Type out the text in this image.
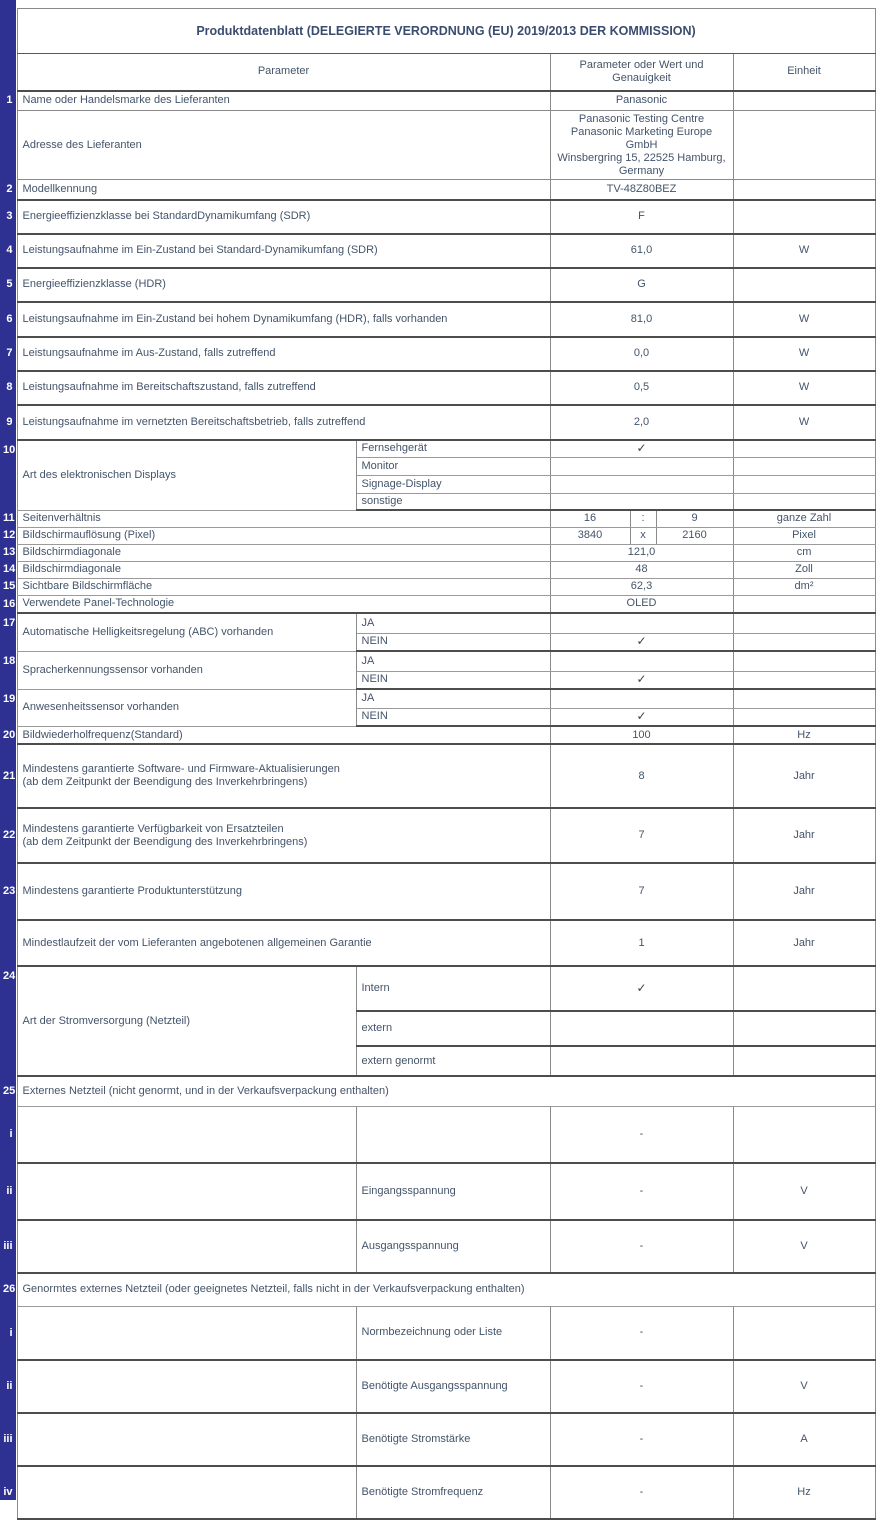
	Produktdatenblatt (DELEGIERTE VERORDNUNG (EU) 2019/2013 DER KOMMISSION)					
	Parameter		Parameter oder Wert und Genauigkeit			Einheit
1	Name oder Handelsmarke des Lieferanten		Panasonic			
	Adresse des Lieferanten		Panasonic Testing Centre
Panasonic Marketing Europe GmbH
Winsbergring 15, 22525 Hamburg,
Germany			

2	Modellkennung		TV-48Z80BEZ			
3	Energieeffizienzklasse bei StandardDynamikumfang (SDR)		F			
4	Leistungsaufnahme im Ein-Zustand bei Standard-Dynamikumfang (SDR)		61,0			W
5	Energieeffizienzklasse (HDR)		G			
6	Leistungsaufnahme im Ein-Zustand bei hohem Dynamikumfang (HDR), falls vorhanden		81,0			W
7	Leistungsaufnahme im Aus-Zustand, falls zutreffend		0,0			W
8	Leistungsaufnahme im Bereitschaftszustand, falls zutreffend		0,5			W
9	Leistungsaufnahme im vernetzten Bereitschaftsbetrieb, falls zutreffend		2,0			W
10	Art des elektronischen Displays	Fernsehgerät	✓			
		Monitor				
		Signage-Display				
		sonstige				
11	Seitenverhältnis		16	:	9	ganze Zahl
12	Bildschirmauflösung (Pixel)		3840	x	2160	Pixel
13	Bildschirmdiagonale		121,0			cm
14	Bildschirmdiagonale		48			Zoll
15	Sichtbare Bildschirmfläche		62,3			dm²
16	Verwendete Panel-Technologie		OLED			
17	Automatische Helligkeitsregelung (ABC) vorhanden	JA				
		NEIN	✓			
18	Spracherkennungssensor vorhanden	JA				
		NEIN	✓			
19	Anwesenheitssensor vorhanden	JA				
		NEIN	✓			
20	Bildwiederholfrequenz(Standard)		100			Hz
21	Mindestens garantierte Software- und Firmware-Aktualisierungen
(ab dem Zeitpunkt der Beendigung des Inverkehrbringens)		8			Jahr
22	Mindestens garantierte Verfügbarkeit von Ersatzteilen
(ab dem Zeitpunkt der Beendigung des Inverkehrbringens)		7			Jahr
23	Mindestens garantierte Produktunterstützung		7			Jahr
	Mindestlaufzeit der vom Lieferanten angebotenen allgemeinen Garantie		1			Jahr
24	Art der Stromversorgung (Netzteil)	Intern	✓			
		extern				
		extern genormt				
25	Externes Netzteil (nicht genormt, und in der Verkaufsverpackung enthalten)					
i			-			
ii		Eingangsspannung	-			V
iii		Ausgangsspannung	-			V
26	Genormtes externes Netzteil (oder geeignetes Netzteil, falls nicht in der Verkaufsverpackung enthalten)					
i		Normbezeichnung oder Liste	-			
ii		Benötigte Ausgangsspannung	-			V
iii		Benötigte Stromstärke	-			A
iv		Benötigte Stromfrequenz	-			Hz
